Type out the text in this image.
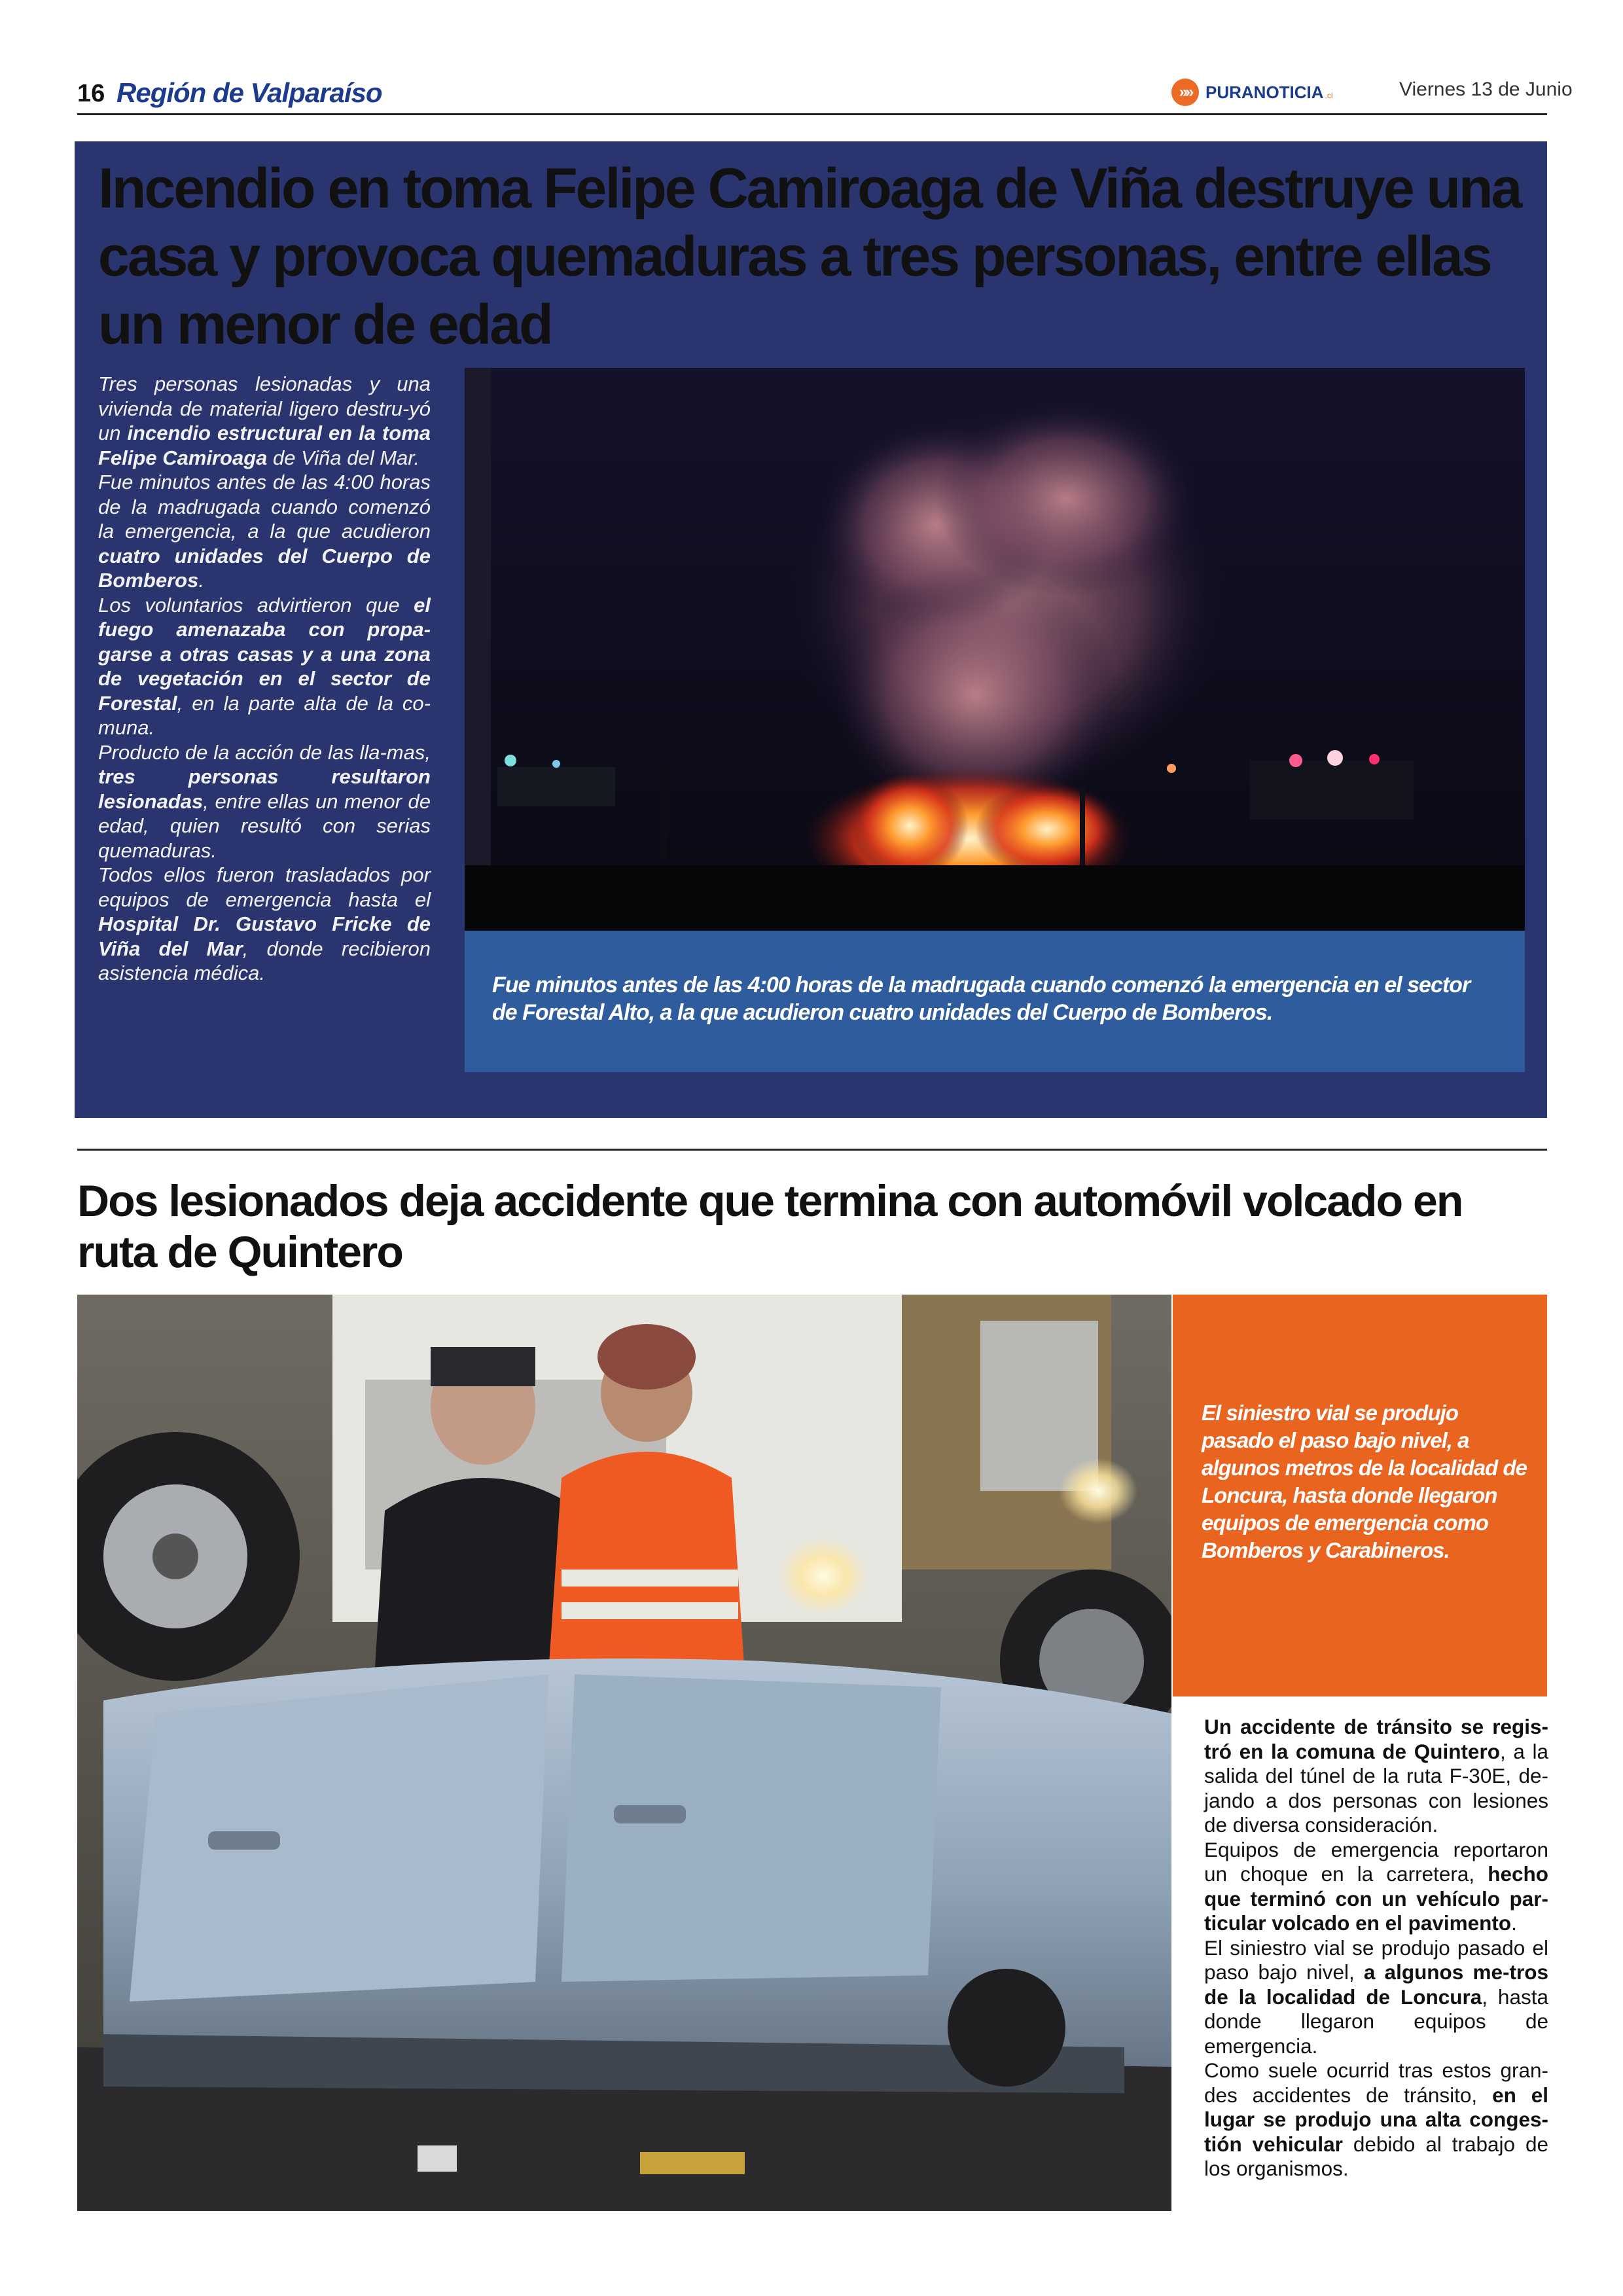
16 Región de Valparaíso	»» PURANOTICIA .cl	Viernes 13 de Junio
Incendio en toma Felipe Camiroaga de Viña destruye una casa y provoca quemaduras a tres personas, entre ellas un menor de edad

Tres personas lesionadas y una vivienda de material ligero destru-yó un incendio estructural en la toma Felipe Camiroaga de Viña del Mar.

Fue minutos antes de las 4:00 horas de la madrugada cuando comenzó la emergencia, a la que acudieron cuatro unidades del Cuerpo de Bomberos.

Los voluntarios advirtieron que el fuego amenazaba con propa-garse a otras casas y a una zona de vegetación en el sector de Forestal, en la parte alta de la co-muna.

Producto de la acción de las lla-mas, tres personas resultaron lesionadas, entre ellas un menor de edad, quien resultó con serias quemaduras.

Todos ellos fueron trasladados por equipos de emergencia hasta el Hospital Dr. Gustavo Fricke de Viña del Mar, donde recibieron asistencia médica.	Fue minutos antes de las 4:00 horas de la madrugada cuando comenzó la emergencia en el sector de Forestal Alto, a la que acudieron cuatro unidades del Cuerpo de Bomberos.
Dos lesionados deja accidente que termina con automóvil volcado en ruta de Quintero
El siniestro vial se produjo pasado el paso bajo nivel, a algunos metros de la localidad de Loncura, hasta donde llegaron equipos de emergencia como Bomberos y Carabineros.

Un accidente de tránsito se regis-tró en la comuna de Quintero, a la salida del túnel de la ruta F-30E, de-jando a dos personas con lesiones de diversa consideración.

Equipos de emergencia reportaron un choque en la carretera, hecho que terminó con un vehículo par-ticular volcado en el pavimento.

El siniestro vial se produjo pasado el paso bajo nivel, a algunos me-tros de la localidad de Loncura, hasta donde llegaron equipos de emergencia.

Como suele ocurrid tras estos gran-des accidentes de tránsito, en el lugar se produjo una alta conges-tión vehicular debido al trabajo de los organismos.
